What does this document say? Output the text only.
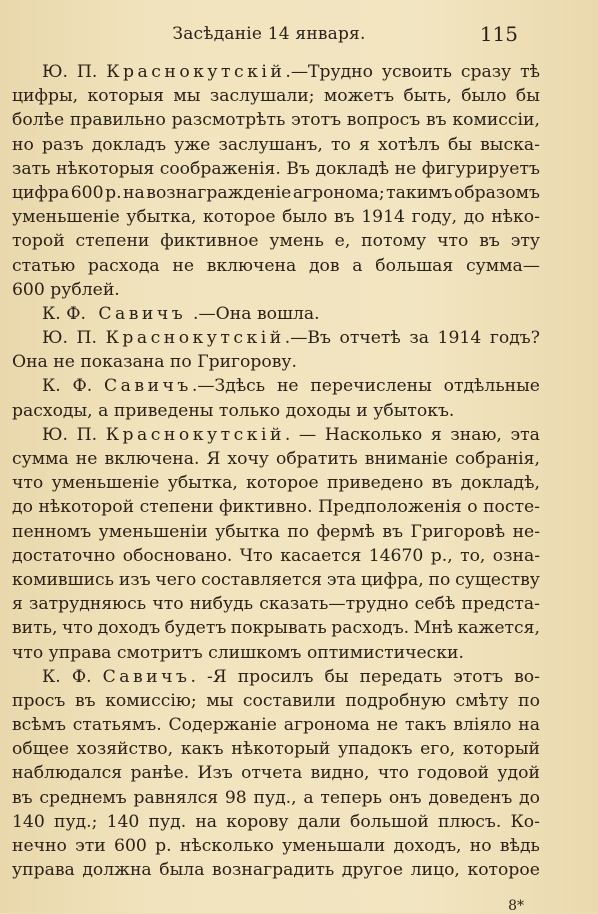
Засѣданіе 14 января.	115
Ю. П. Краснокутскій.—Трудно усвоить сразу тѣ
цифры, которыя мы заслушали; можетъ быть, было бы
болѣе правильно разсмотрѣть этотъ вопросъ въ комиссіи,
но разъ докладъ уже заслушанъ, то я хотѣлъ бы выска-
зать нѣкоторыя соображенія. Въ докладѣ не фигурируетъ
цифра 600 р. на вознагражденіе агронома; такимъ образомъ
уменьшеніе убытка, которое было въ 1914 году, до нѣко-
торой степени фиктивное умень е, потому что въ эту
статью расхода не включена дов а большая сумма—
600 рублей.
К. Ф. Савичъ .—Она вошла.
Ю. П. Краснокутскій.—Въ отчетѣ за 1914 годъ?
Она не показана по Григорову.
К. Ф. Савичъ.—Здѣсь не перечислены отдѣльные
расходы, а приведены только доходы и убытокъ.
Ю. П. Краснокутскій. — Насколько я знаю, эта
сумма не включена. Я хочу обратить вниманіе собранія,
что уменьшеніе убытка, которое приведено въ докладѣ,
до нѣкоторой степени фиктивно. Предположенія о посте-
пенномъ уменьшеніи убытка по фермѣ въ Григоровѣ не-
достаточно обосновано. Что касается 14670 р., то, озна-
комившись изъ чего составляется эта цифра, по существу
я затрудняюсь что нибудь сказать—трудно себѣ предста-
вить, что доходъ будетъ покрывать расходъ. Мнѣ кажется,
что управа смотритъ слишкомъ оптимистически.
К. Ф. Савичъ. -Я просилъ бы передать этотъ во-
просъ въ комиссію; мы составили подробную смѣту по
всѣмъ статьямъ. Содержаніе агронома не такъ вліяло на
общее хозяйство, какъ нѣкоторый упадокъ его, который
наблюдался ранѣе. Изъ отчета видно, что годовой удой
въ среднемъ равнялся 98 пуд., а теперь онъ доведенъ до
140 пуд.; 140 пуд. на корову дали большой плюсъ. Ко-
нечно эти 600 р. нѣсколько уменьшали доходъ, но вѣдь
управа должна была вознаградить другое лицо, которое
8*
